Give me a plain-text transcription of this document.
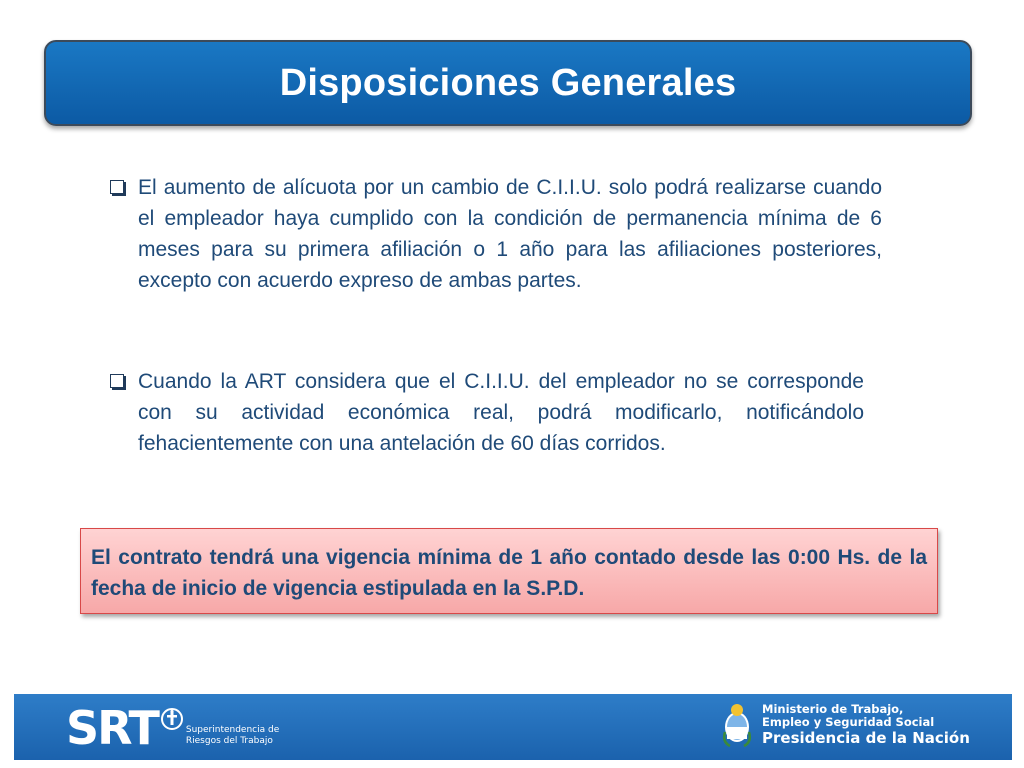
Disposiciones Generales
El aumento de alícuota por un cambio de C.I.I.U. solo podrá realizarse cuando el empleador haya cumplido con la condición de permanencia mínima de 6 meses para su primera afiliación o 1 año para las afiliaciones posteriores, excepto con acuerdo expreso de ambas partes.
Cuando la ART considera que el C.I.I.U. del empleador no se corresponde con su actividad económica real, podrá modificarlo, notificándolo fehacientemente con una antelación de 60 días corridos.
El contrato tendrá una vigencia mínima de 1 año contado desde las 0:00 Hs. de la fecha de inicio de vigencia estipulada en la S.P.D.
SRT	Superintendencia de
Riesgos del Trabajo
Ministerio de Trabajo,
Empleo y Seguridad Social
Presidencia de la Nación
